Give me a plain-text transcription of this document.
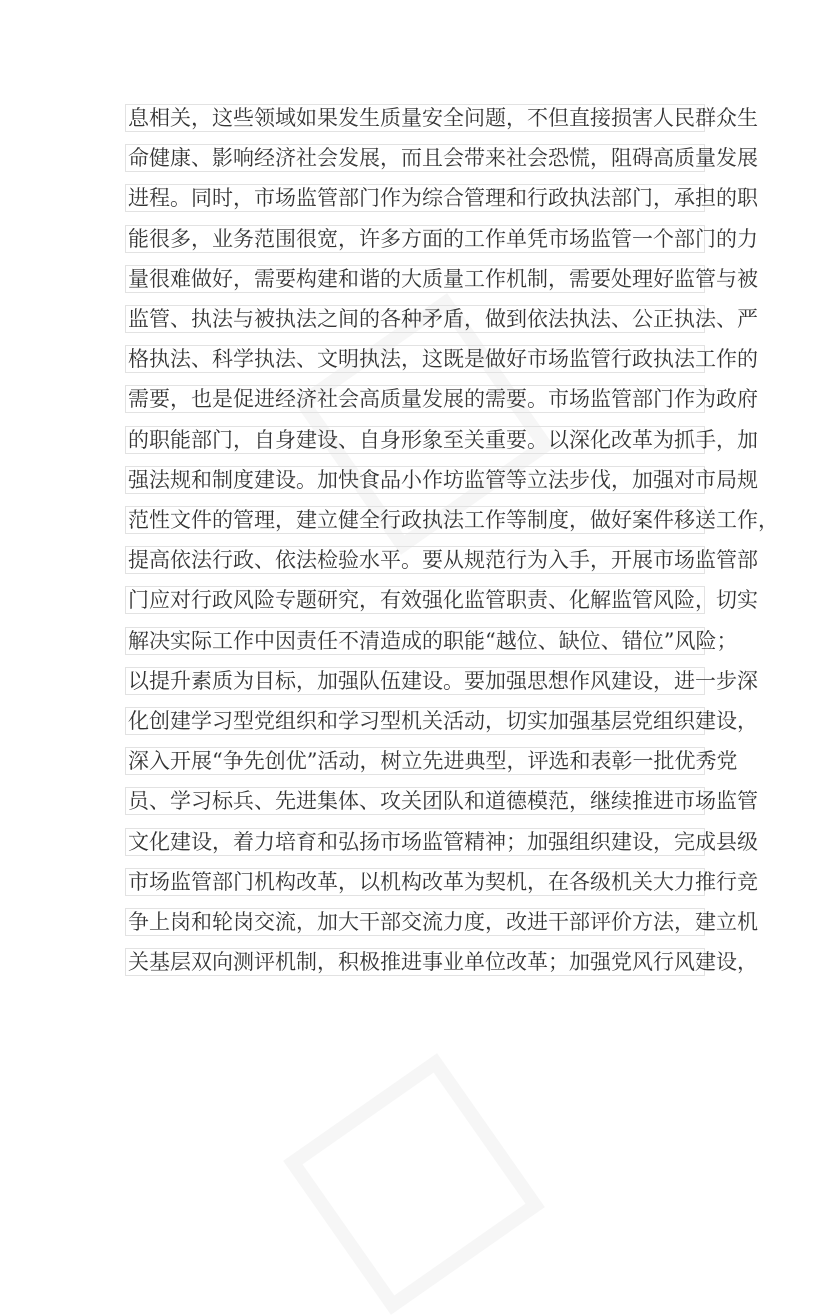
息相关，这些领域如果发生质量安全问题，不但直接损害人民群众生
命健康、影响经济社会发展，而且会带来社会恐慌，阻碍高质量发展
进程。同时，市场监管部门作为综合管理和行政执法部门，承担的职
能很多，业务范围很宽，许多方面的工作单凭市场监管一个部门的力
量很难做好，需要构建和谐的大质量工作机制，需要处理好监管与被
监管、执法与被执法之间的各种矛盾，做到依法执法、公正执法、严
格执法、科学执法、文明执法，这既是做好市场监管行政执法工作的
需要，也是促进经济社会高质量发展的需要。市场监管部门作为政府
的职能部门，自身建设、自身形象至关重要。以深化改革为抓手，加
强法规和制度建设。加快食品小作坊监管等立法步伐，加强对市局规
范性文件的管理，建立健全行政执法工作等制度，做好案件移送工作，
提高依法行政、依法检验水平。要从规范行为入手，开展市场监管部
门应对行政风险专题研究，有效强化监管职责、化解监管风险，切实
解决实际工作中因责任不清造成的职能“越位、缺位、错位”风险；
以提升素质为目标，加强队伍建设。要加强思想作风建设，进一步深
化创建学习型党组织和学习型机关活动，切实加强基层党组织建设，
深入开展“争先创优”活动，树立先进典型，评选和表彰一批优秀党
员、学习标兵、先进集体、攻关团队和道德模范，继续推进市场监管
文化建设，着力培育和弘扬市场监管精神；加强组织建设，完成县级
市场监管部门机构改革，以机构改革为契机，在各级机关大力推行竞
争上岗和轮岗交流，加大干部交流力度，改进干部评价方法，建立机
关基层双向测评机制，积极推进事业单位改革；加强党风行风建设，
